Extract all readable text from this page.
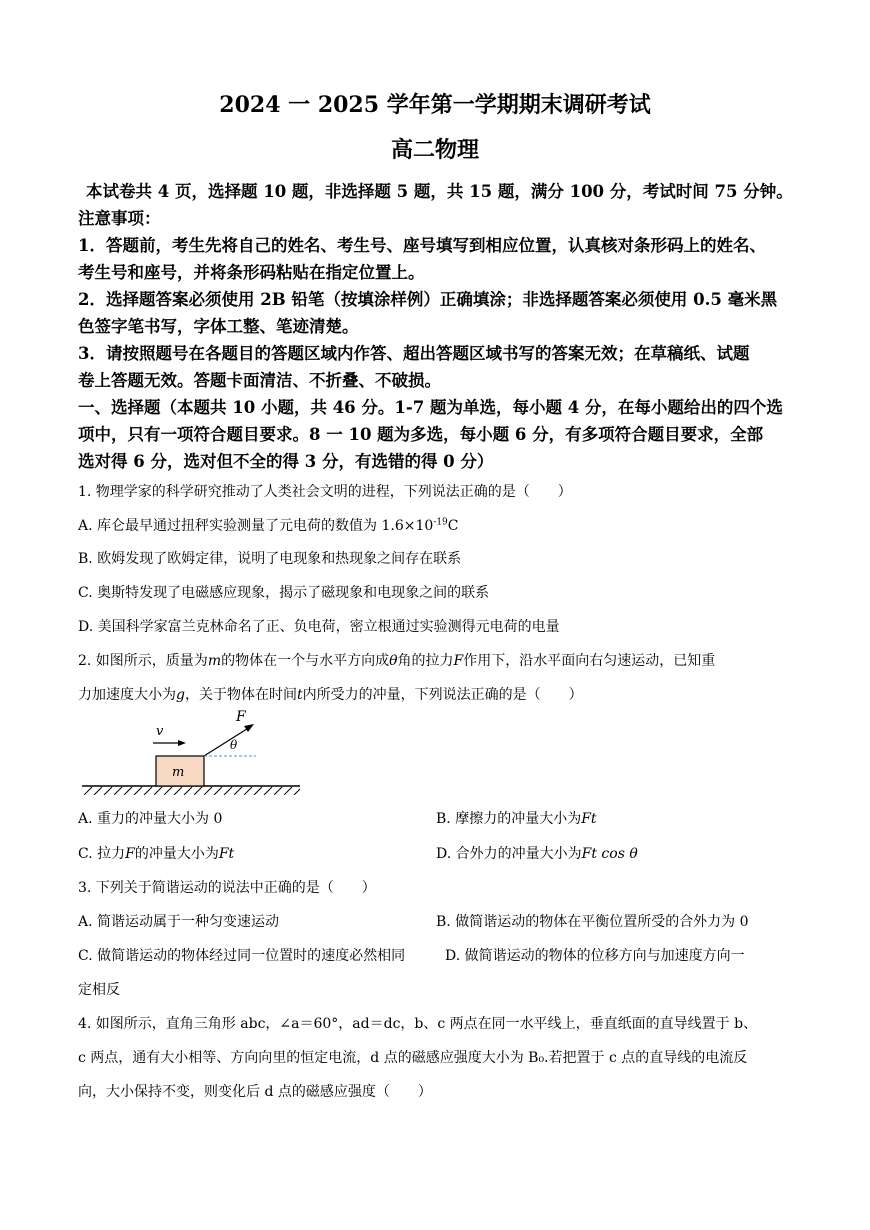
2024 一 2025 学年第一学期期末调研考试
高二物理
本试卷共 4 页，选择题 10 题，非选择题 5 题，共 15 题，满分 100 分，考试时间 75 分钟。
注意事项：
1．答题前，考生先将自己的姓名、考生号、座号填写到相应位置，认真核对条形码上的姓名、
考生号和座号，并将条形码粘贴在指定位置上。
2．选择题答案必须使用 2B 铅笔（按填涂样例）正确填涂；非选择题答案必须使用 0.5 毫米黑
色签字笔书写，字体工整、笔迹清楚。
3．请按照题号在各题目的答题区域内作答、超出答题区域书写的答案无效；在草稿纸、试题
卷上答题无效。答题卡面清洁、不折叠、不破损。
一、选择题（本题共 10 小题，共 46 分。1-7 题为单选，每小题 4 分，在每小题给出的四个选
项中，只有一项符合题目要求。8 一 10 题为多选，每小题 6 分，有多项符合题目要求，全部
选对得 6 分，选对但不全的得 3 分，有选错的得 0 分）
1. 物理学家的科学研究推动了人类社会文明的进程，下列说法正确的是（　　）
A. 库仑最早通过扭秤实验测量了元电荷的数值为 $1.6\times 10^{-19}C$
B. 欧姆发现了欧姆定律，说明了电现象和热现象之间存在联系
C. 奥斯特发现了电磁感应现象，揭示了磁现象和电现象之间的联系
D. 美国科学家富兰克林命名了正、负电荷，密立根通过实验测得元电荷的电量
2. 如图所示，质量为m的物体在一个与水平方向成θ角的拉力F作用下，沿水平面向右匀速运动，已知重
力加速度大小为g，关于物体在时间t内所受力的冲量，下列说法正确的是（　　）
m
v
F
θ
A. 重力的冲量大小为 0	B. 摩擦力的冲量大小为Ft
C. 拉力F的冲量大小为Ft	D. 合外力的冲量大小为Ft cos θ
3. 下列关于简谐运动的说法中正确的是（　　）
A. 简谐运动属于一种匀变速运动	B. 做简谐运动的物体在平衡位置所受的合外力为 0
C. 做简谐运动的物体经过同一位置时的速度必然相同	D. 做简谐运动的物体的位移方向与加速度方向一
定相反
4. 如图所示，直角三角形 abc，∠a＝60°，ad＝dc，b、c 两点在同一水平线上，垂直纸面的直导线置于 b、
c 两点，通有大小相等、方向向里的恒定电流，d 点的磁感应强度大小为 B₀.若把置于 c 点的直导线的电流反
向，大小保持不变，则变化后 d 点的磁感应强度（　　）
